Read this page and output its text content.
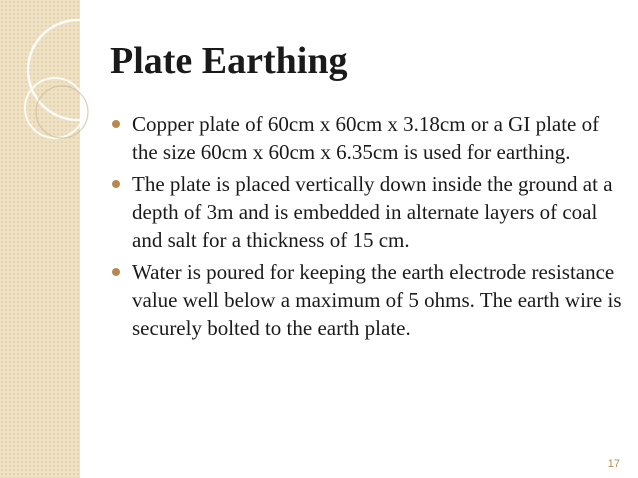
Plate Earthing
Copper plate of 60cm x 60cm x 3.18cm or a GI plate of the size 60cm x 60cm x 6.35cm is used for earthing.
The plate is placed vertically down inside the ground at a depth of 3m and is embedded in alternate layers of coal and salt for a thickness of 15 cm.
Water is poured for keeping the earth electrode resistance value well below a maximum of 5 ohms. The earth wire is securely bolted to the earth plate.
17
